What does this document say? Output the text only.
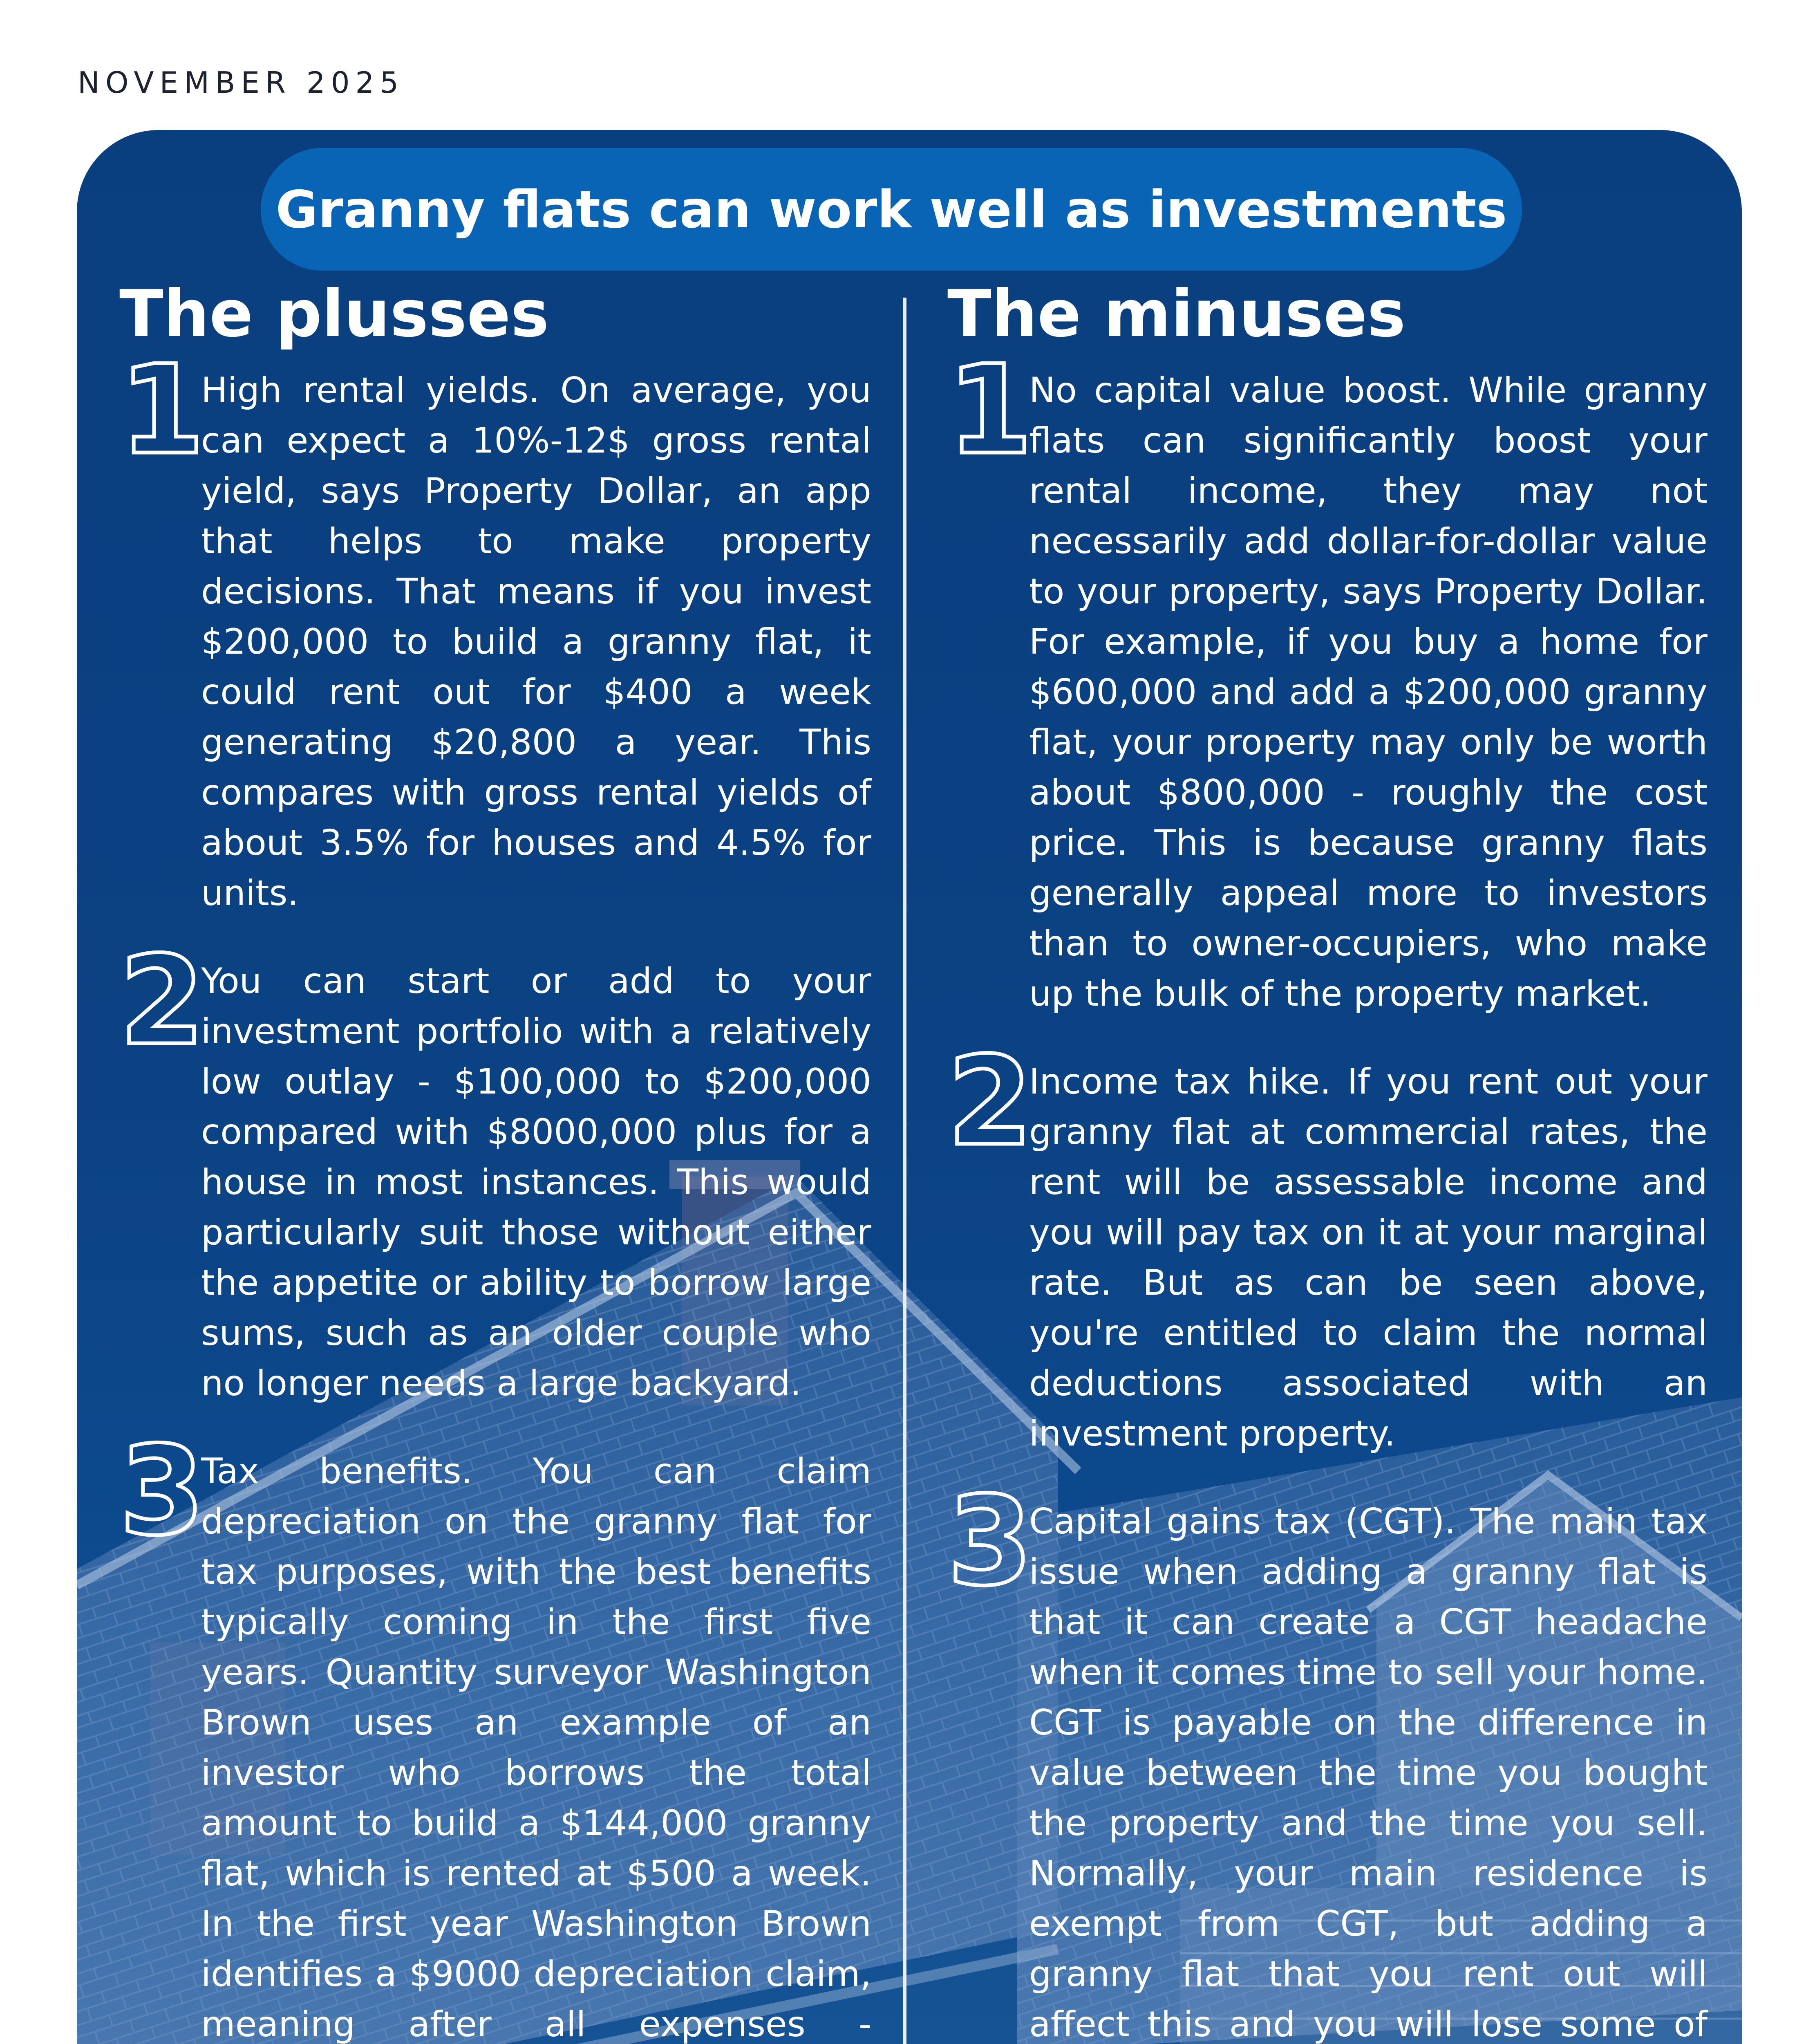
NOVEMBER 2025
Granny flats can work well as investments
The plusses
1

High rental yields. On average, you can expect a 10%-12$ gross rental yield, says Property Dollar, an app that helps to make property decisions. That means if you invest $200,000 to build a granny flat, it could rent out for $400 a week generating $20,800 a year. This compares with gross rental yields of about 3.5% for houses and 4.5% for units.

2

You can start or add to your investment portfolio with a relatively low outlay - $100,000 to $200,000 compared with $8000,000 plus for a house in most instances. This would particularly suit those without either the appetite or ability to borrow large sums, such as an older couple who no longer needs a large backyard.

3

Tax benefits. You can claim depreciation on the granny flat for tax purposes, with the best benefits typically coming in the first five years. Quantity surveyor Washington Brown uses an example of an investor who borrows the total amount to build a $144,000 granny flat, which is rented at $500 a week. In the first year Washington Brown identifies a $9000 depreciation claim, meaning after all expenses -

The minuses
1

No capital value boost. While granny flats can significantly boost your rental income, they may not necessarily add dollar-for-dollar value to your property, says Property Dollar. For example, if you buy a home for $600,000 and add a $200,000 granny flat, your property may only be worth about $800,000 - roughly the cost price. This is because granny flats generally appeal more to investors than to owner-occupiers, who make up the bulk of the property market.

2

Income tax hike. If you rent out your granny flat at commercial rates, the rent will be assessable income and you will pay tax on it at your marginal rate. But as can be seen above, you're entitled to claim the normal deductions associated with an investment property.

3

Capital gains tax (CGT). The main tax issue when adding a granny flat is that it can create a CGT headache when it comes time to sell your home. CGT is payable on the difference in value between the time you bought the property and the time you sell. Normally, your main residence is exempt from CGT, but adding a granny flat that you rent out will affect this and you will lose some of
